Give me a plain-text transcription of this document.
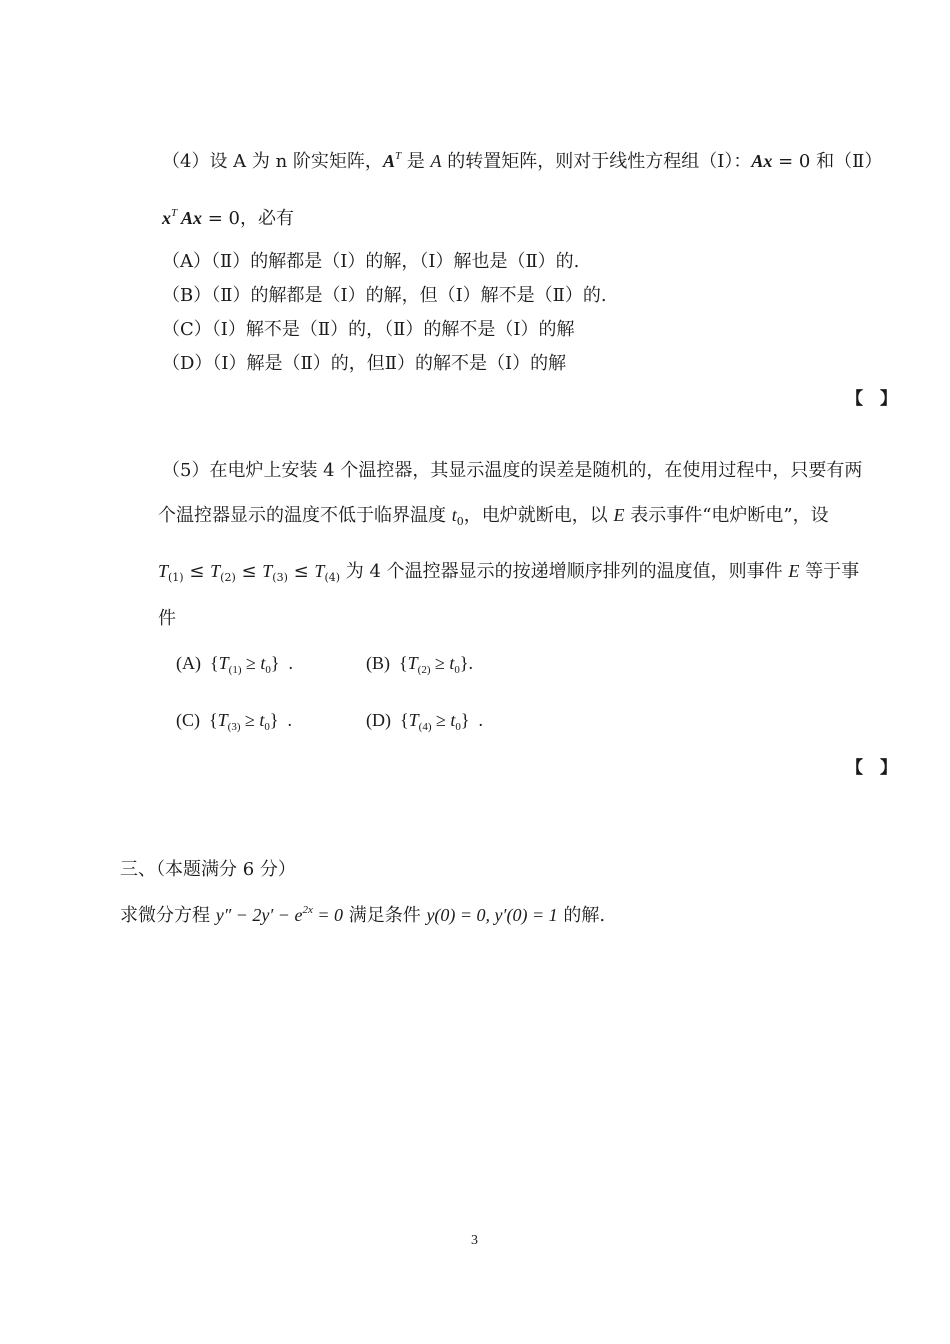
（4）设 A 为 n 阶实矩阵，$A^T$ 是 A 的转置矩阵，则对于线性方程组（Ⅰ）：Ax = 0 和（Ⅱ）
$x^T$ Ax = 0，必有
（A）（Ⅱ）的解都是（Ⅰ）的解，（Ⅰ）解也是（Ⅱ）的.
（B）（Ⅱ）的解都是（Ⅰ）的解，但（Ⅰ）解不是（Ⅱ）的.
（C）（Ⅰ）解不是（Ⅱ）的，（Ⅱ）的解不是（Ⅰ）的解
（D）（Ⅰ）解是（Ⅱ）的，但Ⅱ）的解不是（Ⅰ）的解
【　】
（5）在电炉上安装 4 个温控器，其显示温度的误差是随机的，在使用过程中，只要有两
个温控器显示的温度不低于临界温度 $t_0$，电炉就断电，以 E 表示事件“电炉断电”，设
$T_{(1)} \le T_{(2)} \le T_{(3)} \le T_{(4)}$ 为 4 个温控器显示的按递增顺序排列的温度值，则事件 E 等于事
件
(A)  $\{T_{(1)} \ge t_0\}$  .	(B)  $\{T_{(2)} \ge t_0\}$.
(C)  $\{T_{(3)} \ge t_0\}$  .	(D)  $\{T_{(4)} \ge t_0\}$  .
【　】
三、（本题满分 6 分）
求微分方程 $y'' - 2y' - e^{2x} = 0$ 满足条件 y(0) = 0, y′(0) = 1 的解.
3
